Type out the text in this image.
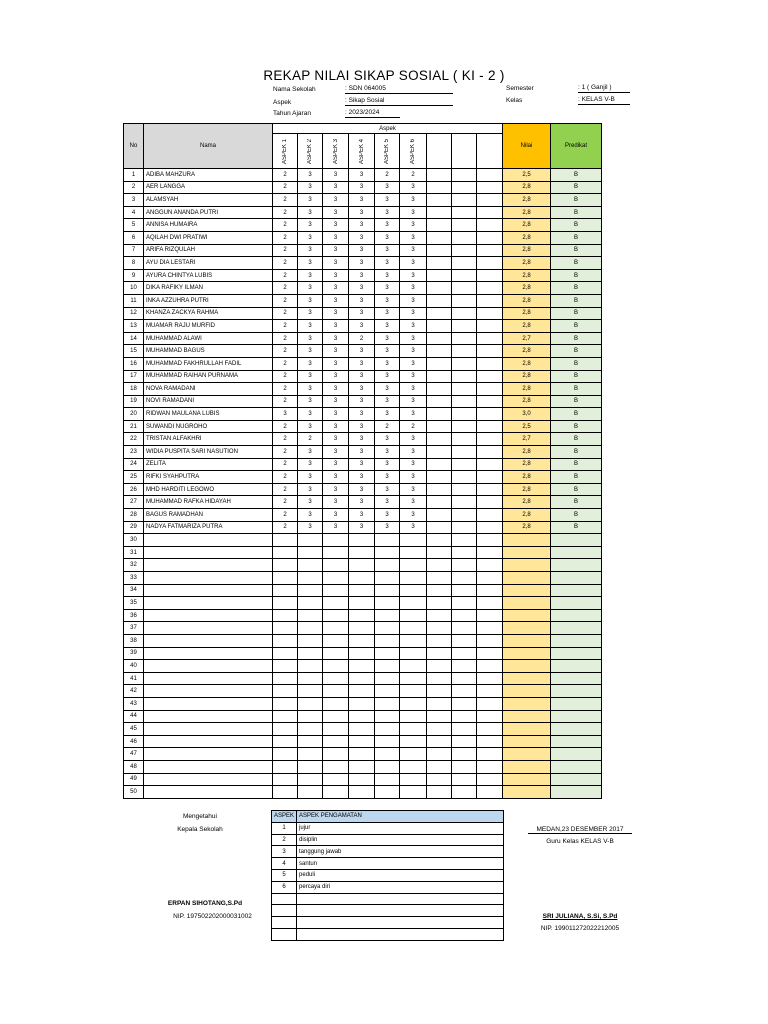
REKAP NILAI SIKAP SOSIAL ( KI - 2 )
Nama Sekolah	: SDN 064005
Aspek	: Sikap Sosial
Tahun Ajaran	: 2023/2024
Semester	: 1 ( Ganjil )
Kelas	: KELAS V-B
No	Nama	Aspek									Nilai	Predikat

		ASPEK 1	ASPEK 2	ASPEK 3	ASPEK 4	ASPEK 5	ASPEK 6					

1	ADIBA MAHZURA	2	3	3	3	2	2				2,5	B
2	AER LANGGA	2	3	3	3	3	3				2,8	B
3	ALAMSYAH	2	3	3	3	3	3				2,8	B
4	ANGGUN ANANDA PUTRI	2	3	3	3	3	3				2,8	B
5	ANNISA HUMAIRA	2	3	3	3	3	3				2,8	B
6	AQILAH DWI PRATIWI	2	3	3	3	3	3				2,8	B
7	ARIFA RIZQULAH	2	3	3	3	3	3				2,8	B
8	AYU DIA LESTARI	2	3	3	3	3	3				2,8	B
9	AYURA CHINTYA LUBIS	2	3	3	3	3	3				2,8	B
10	DIKA RAFIKY ILMAN	2	3	3	3	3	3				2,8	B
11	INKA AZZUHRA PUTRI	2	3	3	3	3	3				2,8	B
12	KHANZA ZACKYA RAHMA	2	3	3	3	3	3				2,8	B
13	MUAMAR RAJU MURFID	2	3	3	3	3	3				2,8	B
14	MUHAMMAD ALAWI	2	3	3	2	3	3				2,7	B
15	MUHAMMAD BAGUS	2	3	3	3	3	3				2,8	B
16	MUHAMMAD FAKHRULLAH FADIL	2	3	3	3	3	3				2,8	B
17	MUHAMMAD RAIHAN PURNAMA	2	3	3	3	3	3				2,8	B
18	NOVA RAMADANI	2	3	3	3	3	3				2,8	B
19	NOVI RAMADANI	2	3	3	3	3	3				2,8	B
20	RIDWAN MAULANA LUBIS	3	3	3	3	3	3				3,0	B
21	SUWANDI NUGROHO	2	3	3	3	2	2				2,5	B
22	TRISTAN ALFAKHRI	2	2	3	3	3	3				2,7	B
23	WIDIA PUSPITA SARI NASUTION	2	3	3	3	3	3				2,8	B
24	ZELITA	2	3	3	3	3	3				2,8	B
25	RIFKI SYAHPUTRA	2	3	3	3	3	3				2,8	B
26	MHD HARDITI LEGOWO	2	3	3	3	3	3				2,8	B
27	MUHAMMAD RAFKA HIDAYAH	2	3	3	3	3	3				2,8	B
28	BAGUS RAMADHAN	2	3	3	3	3	3				2,8	B
29	NADYA FATMARIZA PUTRA	2	3	3	3	3	3				2,8	B
30												
31												
32												
33												
34												
35												
36												
37												
38												
39												
40												
41												
42												
43												
44												
45												
46												
47												
48												
49												
50												
ASPEK	ASPEK PENGAMATAN
1	jujur
2	disiplin
3	tanggung jawab
4	santun
5	peduli
6	percaya diri

Mengetahui
Kepala Sekolah
ERPAN SIHOTANG,S.Pd
NIP. 197502202000031002
MEDAN,23 DESEMBER 2017
Guru Kelas KELAS V-B
SRI JULIANA, S.Si, S.Pd
NIP. 199011272022212005
